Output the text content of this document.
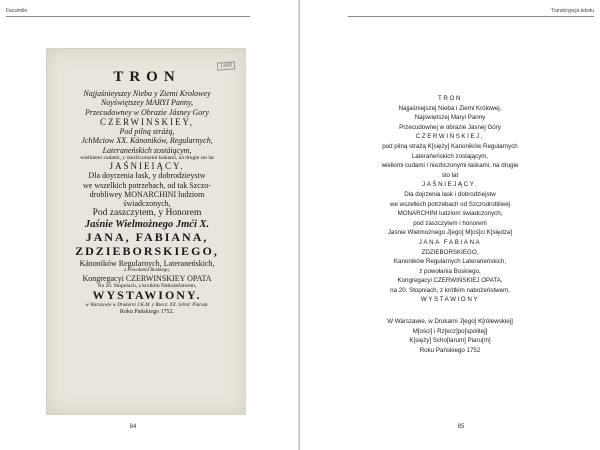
Facsimile
1440
TRON
Najjaśnieyszey Nieba y Ziemi Krolowey
Nayświętszey MARYI Panny,
Przecudowney w Obrazie Jásney Gory
CZERWINSKIEY,
Pod pilną stráżą,
JchMciow XX. Kánoników, Regularnych,
Lateraneńskich zostáiącym,
wielkiemi cudami, y niezliczonemi łaskami, ná drugie sto lat
JAŚNIEIĄCY.
Dla doyrzenia łask, y dobrodzieystw
we wszelkich potrzebach, od tak Szczo-
drobliwey MONARCHINI ludziom
świadczonych,
Pod zaszczytem, y Honorem
Jaśnie Wielmożnego Jmći X.
JANA, FABIANA,
ZDZIEBORSKIEGO,
Kánoników Regularnych, Lateraneńskich,
z Powołania Boskiego,
Kongregacyi CZERWINSKIEY OPATA
Na 20. Stopniach, z krotkim Nabożeństwem,
WYSTAWIONY.
w Warszawie w Drukarni J.K.M. y Rzecz: XX. Schol: Piarum.
Roku Pańskiego 1752.
84
Transkrypcja tekstu
85
TRON
Najjaśniejszej Nieba i Ziemi Królowej,
Najświętszej Maryi Panny
Przecudownej w obrazie Jasnej Góry
CZERWIŃSKIEJ,
pod pilną strażą K[sięży] Kanoników Regularnych
Laterańeńskich zostającym,
wielkimi cudami i niezliczonymi łaskami, na drugie
sto lat
JAŚNIEJĄCY.
Dla dojrzenia łask i dobrodziejstw
we wszelkich potrzebach od Szczodrobliwej
MONARCHINI ludziom świadczonych,
pod zaszczytem i honorem
Jaśnie Wielmożnego J[ego] M[oś]ci K[siędza]
JANA FABIANA
ZDZIEBORSKIEGO,
Kanoników Regularnych Laterańeńskich,
z powołania Boskiego,
Kongregacyi CZERWIŃSKIEJ OPATA,
na 20. Stopniach, z krótkim nabożeństwem,
WYSTAWIONY
W Warszawie, w Drukarni J[ego] K[rólewskiej]
M[ości] i Rz[ecz]po[spolitej]
K[sięży] Scho[larum] Piaru[m]
Roku Pańskiego 1752
